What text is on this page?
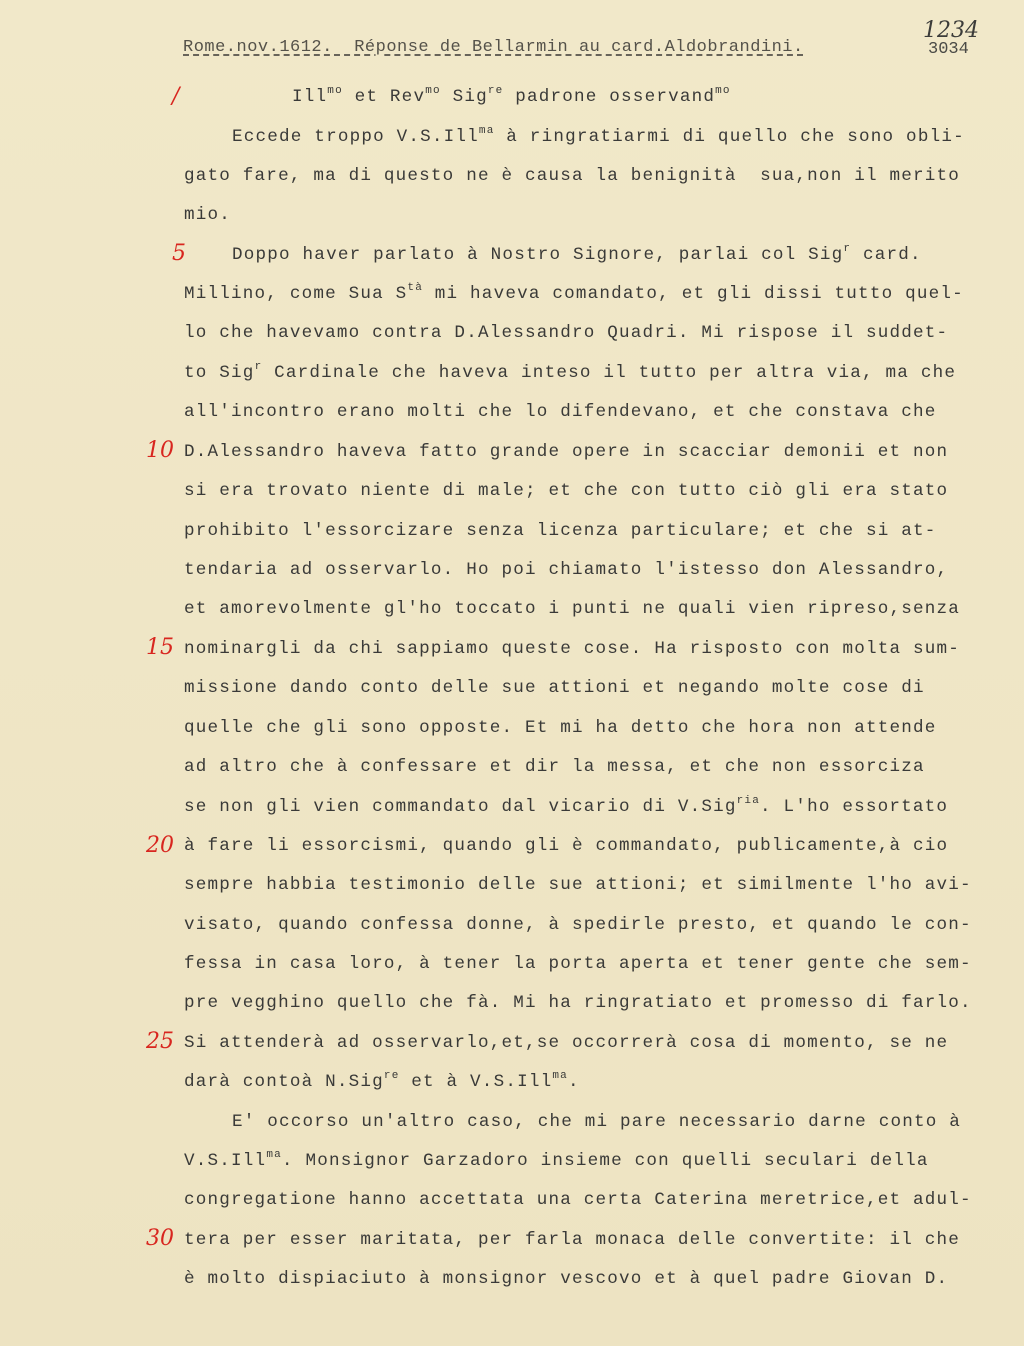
Rome.nov.1612.  Réponse de Bellarmin au card.Aldobrandini.
1234
3034
Ill$^{mo}$ et Rev$^{mo}$ Sig$^{re}$ padrone osservand$^{mo}$
/
5
10
15
20
25
30
Eccede troppo V.S.Ill$^{ma}$ à ringratiarmi di quello che sono obli-
gato fare, ma di questo ne è causa la benignità  sua,non il merito
mio.
Doppo haver parlato à Nostro Signore, parlai col Sig$^r$ card.
Millino, come Sua $S^{tà}$ mi haveva comandato, et gli dissi tutto quel-
lo che havevamo contra D.Alessandro Quadri. Mi rispose il suddet-
to Sig$^r$ Cardinale che haveva inteso il tutto per altra via, ma che
all'incontro erano molti che lo difendevano, et che constava che
D.Alessandro haveva fatto grande opere in scacciar demonii et non
si era trovato niente di male; et che con tutto ciò gli era stato
prohibito l'essorcizare senza licenza particulare; et che si at-
tendaria ad osservarlo. Ho poi chiamato l'istesso don Alessandro,
et amorevolmente gl'ho toccato i punti ne quali vien ripreso,senza
nominargli da chi sappiamo queste cose. Ha risposto con molta sum-
missione dando conto delle sue attioni et negando molte cose di
quelle che gli sono opposte. Et mi ha detto che hora non attende
ad altro che à confessare et dir la messa, et che non essorciza
se non gli vien commandato dal vicario di V.Sig$^{ria}$. L'ho essortato
à fare li essorcismi, quando gli è commandato, publicamente,à cio
sempre habbia testimonio delle sue attioni; et similmente l'ho avi-
visato, quando confessa donne, à spedirle presto, et quando le con-
fessa in casa loro, à tener la porta aperta et tener gente che sem-
pre vegghino quello che fà. Mi ha ringratiato et promesso di farlo.
Si attenderà ad osservarlo,et,se occorrerà cosa di momento, se ne
darà contoà N.Sig$^{re}$ et à V.S.Ill$^{ma}$.
E' occorso un'altro caso, che mi pare necessario darne conto à
V.S.Ill$^{ma}$. Monsignor Garzadoro insieme con quelli seculari della
congregatione hanno accettata una certa Caterina meretrice,et adul-
tera per esser maritata, per farla monaca delle convertite: il che
è molto dispiaciuto à monsignor vescovo et à quel padre Giovan D.
